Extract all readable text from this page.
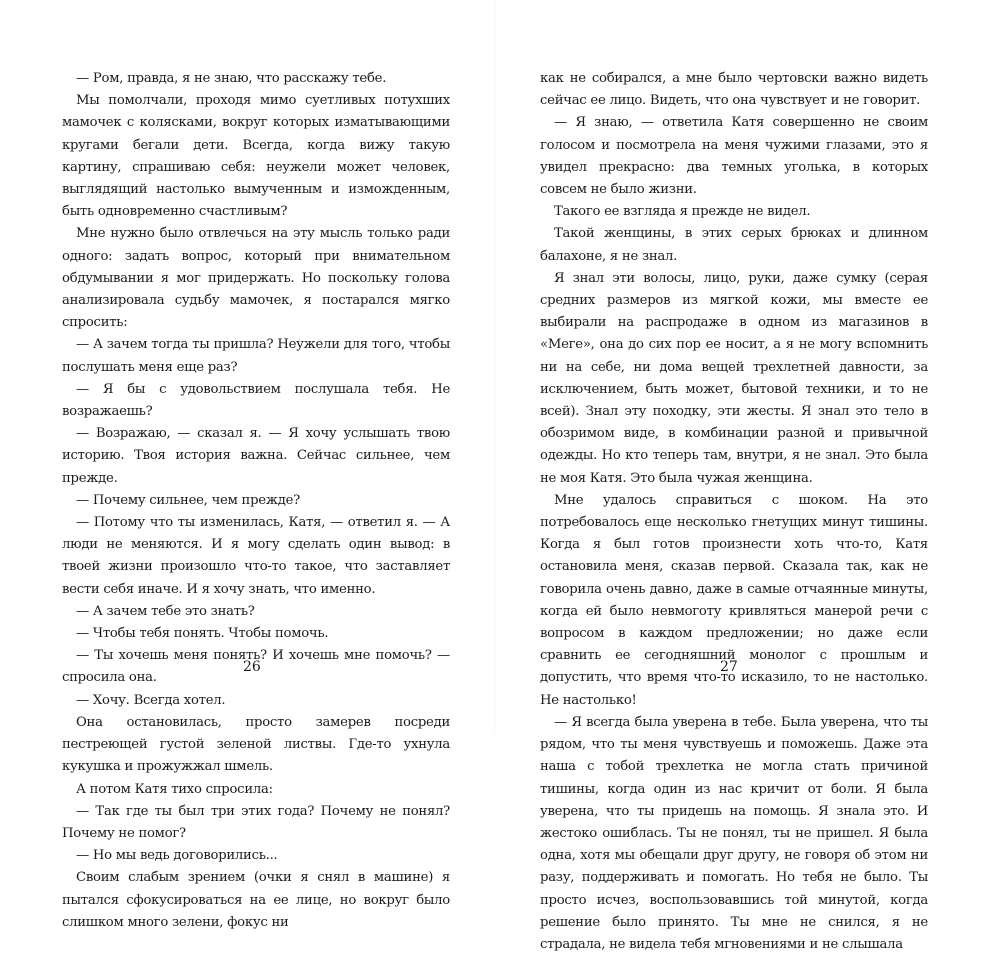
— Ром, правда, я не знаю, что расскажу тебе.

Мы помолчали, проходя мимо суетливых потухших мамочек с колясками, вокруг которых изматывающими кругами бегали дети. Всегда, когда вижу такую картину, спрашиваю себя: неужели может человек, выглядящий настолько вымученным и изможденным, быть одновременно счастливым?

Мне нужно было отвлечься на эту мысль только ради одного: задать вопрос, который при внимательном обдумывании я мог придержать. Но поскольку голова анализировала судьбу мамочек, я постарался мягко спросить:

— А зачем тогда ты пришла? Неужели для того, чтобы послушать меня еще раз?

— Я бы с удовольствием послушала тебя. Не возражаешь?

— Возражаю, — сказал я. — Я хочу услышать твою историю. Твоя история важна. Сейчас сильнее, чем прежде.

— Почему сильнее, чем прежде?

— Потому что ты изменилась, Катя, — ответил я. — А люди не меняются. И я могу сделать один вывод: в твоей жизни произошло что-то такое, что заставляет вести себя иначе. И я хочу знать, что именно.

— А зачем тебе это знать?

— Чтобы тебя понять. Чтобы помочь.

— Ты хочешь меня понять? И хочешь мне помочь? — спросила она.

— Хочу. Всегда хотел.

Она остановилась, просто замерев посреди пестреющей густой зеленой листвы. Где-то ухнула кукушка и прожужжал шмель.

А потом Катя тихо спросила:

— Так где ты был три этих года? Почему не понял? Почему не помог?

— Но мы ведь договорились...

Своим слабым зрением (очки я снял в машине) я пытался сфокусироваться на ее лице, но вокруг было слишком много зелени, фокус ни

26

как не собирался, а мне было чертовски важно видеть сейчас ее лицо. Видеть, что она чувствует и не говорит.

— Я знаю, — ответила Катя совершенно не своим голосом и посмотрела на меня чужими глазами, это я увидел прекрасно: два темных уголька, в которых совсем не было жизни.

Такого ее взгляда я прежде не видел.

Такой женщины, в этих серых брюках и длинном балахоне, я не знал.

Я знал эти волосы, лицо, руки, даже сумку (серая средних размеров из мягкой кожи, мы вместе ее выбирали на распродаже в одном из магазинов в «Меге», она до сих пор ее носит, а я не могу вспомнить ни на себе, ни дома вещей трехлетней давности, за исключением, быть может, бытовой техники, и то не всей). Знал эту походку, эти жесты. Я знал это тело в обозримом виде, в комбинации разной и привычной одежды. Но кто теперь там, внутри, я не знал. Это была не моя Катя. Это была чужая женщина.

Мне удалось справиться с шоком. На это потребовалось еще несколько гнетущих минут тишины. Когда я был готов произнести хоть что-то, Катя остановила меня, сказав первой. Сказала так, как не говорила очень давно, даже в самые отчаянные минуты, когда ей было невмоготу кривляться манерой речи с вопросом в каждом предложении; но даже если сравнить ее сегодняшний монолог с прошлым и допустить, что время что-то исказило, то не настолько. Не настолько!

— Я всегда была уверена в тебе. Была уверена, что ты рядом, что ты меня чувствуешь и поможешь. Даже эта наша с тобой трехлетка не могла стать причиной тишины, когда один из нас кричит от боли. Я была уверена, что ты придешь на помощь. Я знала это. И жестоко ошиблась. Ты не понял, ты не пришел. Я была одна, хотя мы обещали друг другу, не говоря об этом ни разу, поддерживать и помогать. Но тебя не было. Ты просто исчез, воспользовавшись той минутой, когда решение было принято. Ты мне не снился, я не страдала, не видела тебя мгновениями и не слышала

27
